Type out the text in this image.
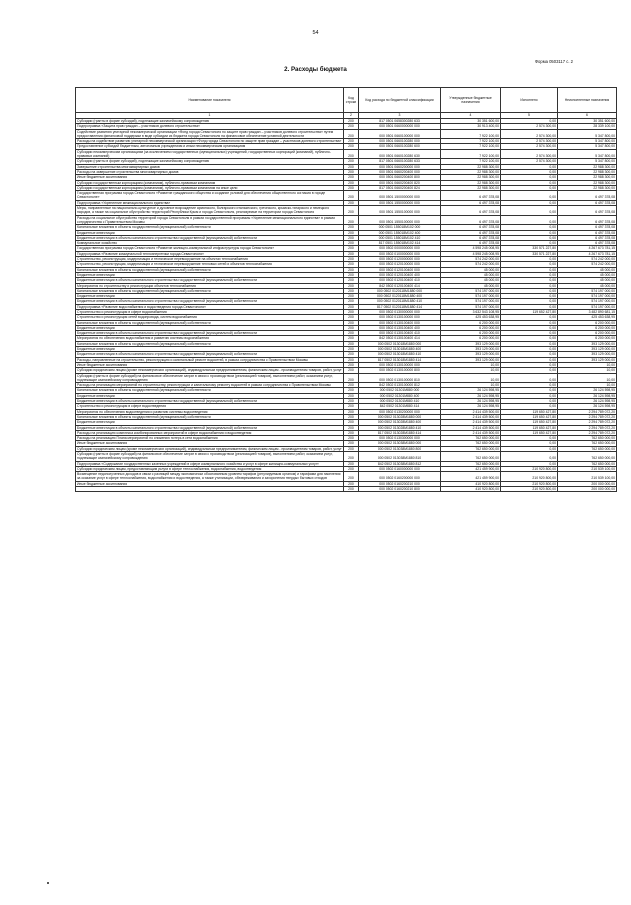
54
Форма 0503117 с. 2
2. Расходы бюджета
Наименование показателя	Код строки	Код расхода по бюджетной классификации	Утвержденные бюджетные назначения	Исполнено	Неисполненные назначения
1	2	3	4	5	6
Субсидии (гранты в форме субсидий), подлежащие казначейскому сопровождению	200	817 0501 0658300280 633	30 351 600,00	0,00	30 351 600,00
Подпрограмма «Защита прав граждан – участников долевого строительства»	200	000 0501 0660000000 000	30 913 400,00	2 574 300,00	28 339 100,00
Содействие развитию унитарной некоммерческой организации «Фонд города Севастополя по защите прав граждан – участников долевого строительства» путем предоставления финансовой поддержки в виде субсидии из бюджета города Севастополя на финансовое обеспечение уставной деятельности	200	000 0501 0660100000 000	7 922 100,00	2 574 300,00	5 347 800,00
Расходы на содействие развитию унитарной некоммерческой организации «Фонд города Севастополя по защите прав граждан – участников долевого строительства»	200	000 0501 0660100280 000	7 922 100,00	2 574 300,00	5 347 800,00
Предоставление субсидий бюджетным, автономным учреждениям и иным некоммерческим организациям	200	000 0501 0660100280 600	7 922 100,00	2 574 300,00	5 347 800,00
Субсидии некоммерческим организациям (за исключением государственных (муниципальных) учреждений, государственных корпораций (компаний), публично-правовых компаний)	200	000 0501 0660100280 630	7 922 100,00	2 574 300,00	5 347 800,00
Субсидии (гранты в форме субсидий), подлежащие казначейскому сопровождению	200	817 0501 0660100280 633	7 922 100,00	2 574 300,00	5 347 800,00
Завершение строительства многоквартирных домов	200	000 0501 0660200000 000	22 988 300,00	0,00	22 988 300,00
Расходы на завершение строительства многоквартирных домов	200	000 0501 0660200400 000	22 988 300,00	0,00	22 988 300,00
Иные бюджетные ассигнования	200	000 0501 0660200400 800	22 988 300,00	0,00	22 988 300,00
Субсидии государственным корпорациям (компаниям), публично-правовым компаниям	200	000 0501 0660200400 820	22 988 300,00	0,00	22 988 300,00
Субсидии государственным корпорациям (компаниям), публично-правовым компаниям на иные цели	200	817 0501 0660200400 824	22 988 300,00	0,00	22 988 300,00
Государственная программа города Севастополя «Развитие гражданского общества и создание условий для обеспечения общественного согласия в городе Севастополе»	200	000 0501 1500000000 000	6 497 378,08	0,00	6 497 378,08
Подпрограмма «Укрепление межнационального единства»	200	000 0501 1550000000 000	6 497 378,08	0,00	6 497 378,08
Меры, направленные на национально-культурное и духовное возрождение армянского, болгарского итальянского, греческого, крымско-татарского и немецкого народов, а также на социальное обустройство территорий Республики Крым и города Севастополя, реализуемые на территории города Севастополя	200	000 0501 1550100000 000	6 497 378,08	0,00	6 497 378,08
Расходы на социальное обустройство территорий города Севастополя в рамках государственной программы «Укрепление межнационального единства» в рамках сотрудничества с Правительством Москвы	200	000 0501 1550100000 000	6 497 378,08	0,00	6 497 378,08
Капитальные вложения в объекты государственной (муниципальной) собственности	200	000 0501 155018М102 000	6 497 378,08	0,00	6 497 378,08
Бюджетные инвестиции	200	000 0501 155018М102 400	6 497 378,08	0,00	6 497 378,08
Бюджетные инвестиции в объекты капитального строительства государственной (муниципальной) собственности	200	000 0501 155018М102 410	6 497 378,08	0,00	6 497 378,08
Коммунальное хозяйство	200	817 0501 155018М102 414	6 497 378,08	0,00	6 497 378,08
Государственная программа города Севастополя «Развитие жилищно-коммунальной инфраструктуры города Севастополя»	200	000 0502 0000000000 000	4 598 245 008,95	330 571 227,80	4 267 673 781,15
Подпрограмма «Развитие коммунальной теплоэнергетики города Севастополя»	200	000 0502 0100000000 000	4 598 245 008,95	330 571 227,80	4 267 673 781,15
Строительство, реконструкция, модернизация и техническое перевооружение на объектах теплоснабжения	200	000 0502 0120000000 000	574 242 000,00	0,00	574 242 000,00
Строительство, реконструкция, модернизация и техническое перевооружение тепловых сетей и объектов теплоснабжения	200	000 0502 0120100000 000	574 242 000,00	0,00	574 242 000,00
Капитальные вложения в объекты государственной (муниципальной) собственности	200	000 0502 0120100400 000	45 000,00	0,00	45 000,00
Бюджетные инвестиции	200	000 0502 0120100400 400	45 000,00	0,00	45 000,00
Бюджетные инвестиции в объекты капитального строительства государственной (муниципальной) собственности	200	000 0502 0120100400 410	45 000,00	0,00	45 000,00
Мероприятия по строительству и реконструкции объектов теплоснабжения	200	842 0502 0120100400 414	45 000,00	0,00	45 000,00
Капитальные вложения в объекты государственной (муниципальной) собственности	200	000 0502 0120118М1880 000	574 197 000,00	0,00	574 197 000,00
Бюджетные инвестиции	200	000 0502 0120118М1880 400	574 197 000,00	0,00	574 197 000,00
Бюджетные инвестиции в объекты капитального строительства государственной (муниципальной) собственности	200	000 0502 0120118М1880 410	574 197 000,00	0,00	574 197 000,00
Подпрограмма «Развитие водоснабжения и водоотведения города Севастополя»	200	817 0502 0120118М1880 414	574 197 000,00	0,00	574 197 000,00
Строительство и реконструкция в сфере водоснабжения	200	000 0502 0130000000 000	3 632 543 108,95	119 652 427,80	3 482 890 681,15
Строительство и реконструкция сетей водопровода, систем водоснабжения	200	000 0502 0130100000 000	425 453 638,95	0,00	425 453 638,95
Капитальные вложения в объекты государственной (муниципальной) собственности	200	000 0502 0130100400 000	6 200 000,00	0,00	6 200 000,00
Бюджетные инвестиции	200	000 0502 0130100400 400	6 200 000,00	0,00	6 200 000,00
Бюджетные инвестиции в объекты капитального строительства государственной (муниципальной) собственности	200	000 0502 0130100400 410	6 200 000,00	0,00	6 200 000,00
Мероприятия по обеспечению водоснабжения и развитию системы водоснабжения	200	842 0502 0130100400 414	6 200 000,00	0,00	6 200 000,00
Капитальные вложения в объекты государственной (муниципальной) собственности	200	000 0502 013018М1880 000	393 129 000,00	0,00	393 129 000,00
Бюджетные инвестиции	200	000 0502 013018М1880 400	393 129 000,00	0,00	393 129 000,00
Бюджетные инвестиции в объекты капитального строительства государственной (муниципальной) собственности	200	000 0502 013018М1880 410	393 129 000,00	0,00	393 129 000,00
Расходы, направленные на строительство, реконструкцию и капитальный ремонт водосетей, в рамках сотрудничества с Правительством Москвы	200	817 0502 013018М1880 414	393 129 000,00	0,00	393 129 000,00
Иные бюджетные ассигнования	200	000 0502 0130100000 000	10,00	0,00	10,00
Субсидии юридическим лицам (кроме некоммерческих организаций), индивидуальным предпринимателям, физическим лицам - производителям товаров, работ, услуг	200	000 0502 0130100000 800	10,00	0,00	10,00
Субсидии (гранты в форме субсидий) на финансовое обеспечение затрат в связи с производством (реализацией товаров), выполнением работ, оказанием услуг, подлежащие казначейскому сопровождению	200	000 0502 0130100000 810	10,00	0,00	10,00
Расходы на реализацию мероприятий по строительству, реконструкции и капитальному ремонту водосетей в рамках сотрудничества с Правительством Москвы	200	842 0502 0130100000 812	10,00	0,00	10,00
Капитальные вложения в объекты государственной (муниципальной) собственности	200	000 0502 01301М880 000	26 124 598,95	0,00	26 124 598,95
Бюджетные инвестиции	200	000 0502 01301М880 400	26 124 598,95	0,00	26 124 598,95
Бюджетные инвестиции в объекты капитального строительства государственной (муниципальной) собственности	200	000 0502 01301М880 410	26 124 598,95	0,00	26 124 598,95
Строительство и реконструкция в сфере водоотведения	200	842 0502 01301М880 414	26 124 598,95	0,00	26 124 598,95
Мероприятия по обеспечению водоотведения и развитию системы водоотведения	200	000 0502 0130200000 000	2 414 439 500,00	119 650 427,80	2 294 789 072,20
Капитальные вложения в объекты государственной (муниципальной) собственности	200	000 0502 013028М1880 000	2 414 439 500,00	119 650 427,80	2 294 789 072,20
Бюджетные инвестиции	200	000 0502 013028М1880 400	2 414 439 500,00	119 650 427,80	2 294 789 072,20
Бюджетные инвестиции в объекты капитального строительства государственной (муниципальной) собственности	200	000 0502 013028М1880 410	2 414 439 500,00	119 650 427,80	2 294 789 072,20
Расходы на реализацию комплекса комбинированных мероприятий в сфере водоснабжения и водоотведения	200	817 0502 013028М1880 414	2 414 439 500,00	119 650 427,80	2 294 789 072,20
Расходы на реализацию Плана мероприятий по снижению потерь в сети водоснабжения	200	000 0502 0130300000 000	762 650 000,00	0,00	762 650 000,00
Иные бюджетные ассигнования	200	000 0502 013038М1880 000	762 650 000,00	0,00	762 650 000,00
Субсидии юридическим лицам (кроме некоммерческих организаций), индивидуальным предпринимателям, физическим лицам - производителям товаров, работ, услуг	200	000 0502 013038М1880 800	762 650 000,00	0,00	762 650 000,00
Субсидии (гранты в форме субсидий) на финансовое обеспечение затрат в связи с производством (реализацией товаров), выполнением работ, оказанием услуг, подлежащие казначейскому сопровождению	200	000 0502 013038М1880 810	762 650 000,00	0,00	762 650 000,00
Подпрограмма «Содержание государственных казенных учреждений в сфере коммунального хозяйства и услуг в сфере жилищно-коммунальных услуг»	200	842 0502 013038М1880 812	762 650 000,00	0,00	762 650 000,00
Субсидии юридическим лицам, предоставляющим услуги в сфере теплоснабжения, водоснабжения, водоотведения	200	000 0502 0160000000 000	421 459 900,00	210 920 800,00	210 539 100,00
Возмещение недополученных доходов в связи с разницей между экономически обоснованным уровнем тарифов (регулируемым органом) и тарифами для населения за оказание услуг в сфере теплоснабжения, водоснабжения и водоотведения, а также утилизации, обезвреживания и захоронения твердых бытовых отходов	200	000 0502 0160200000 000	421 459 900,00	210 920 800,00	210 539 100,00
Иные бюджетные ассигнования	200	000 0502 0160200210 000	410 920 800,00	210 920 800,00	200 000 000,00
	200	000 0502 0160200210 800	410 920 800,00	210 920 800,00	200 000 000,00
